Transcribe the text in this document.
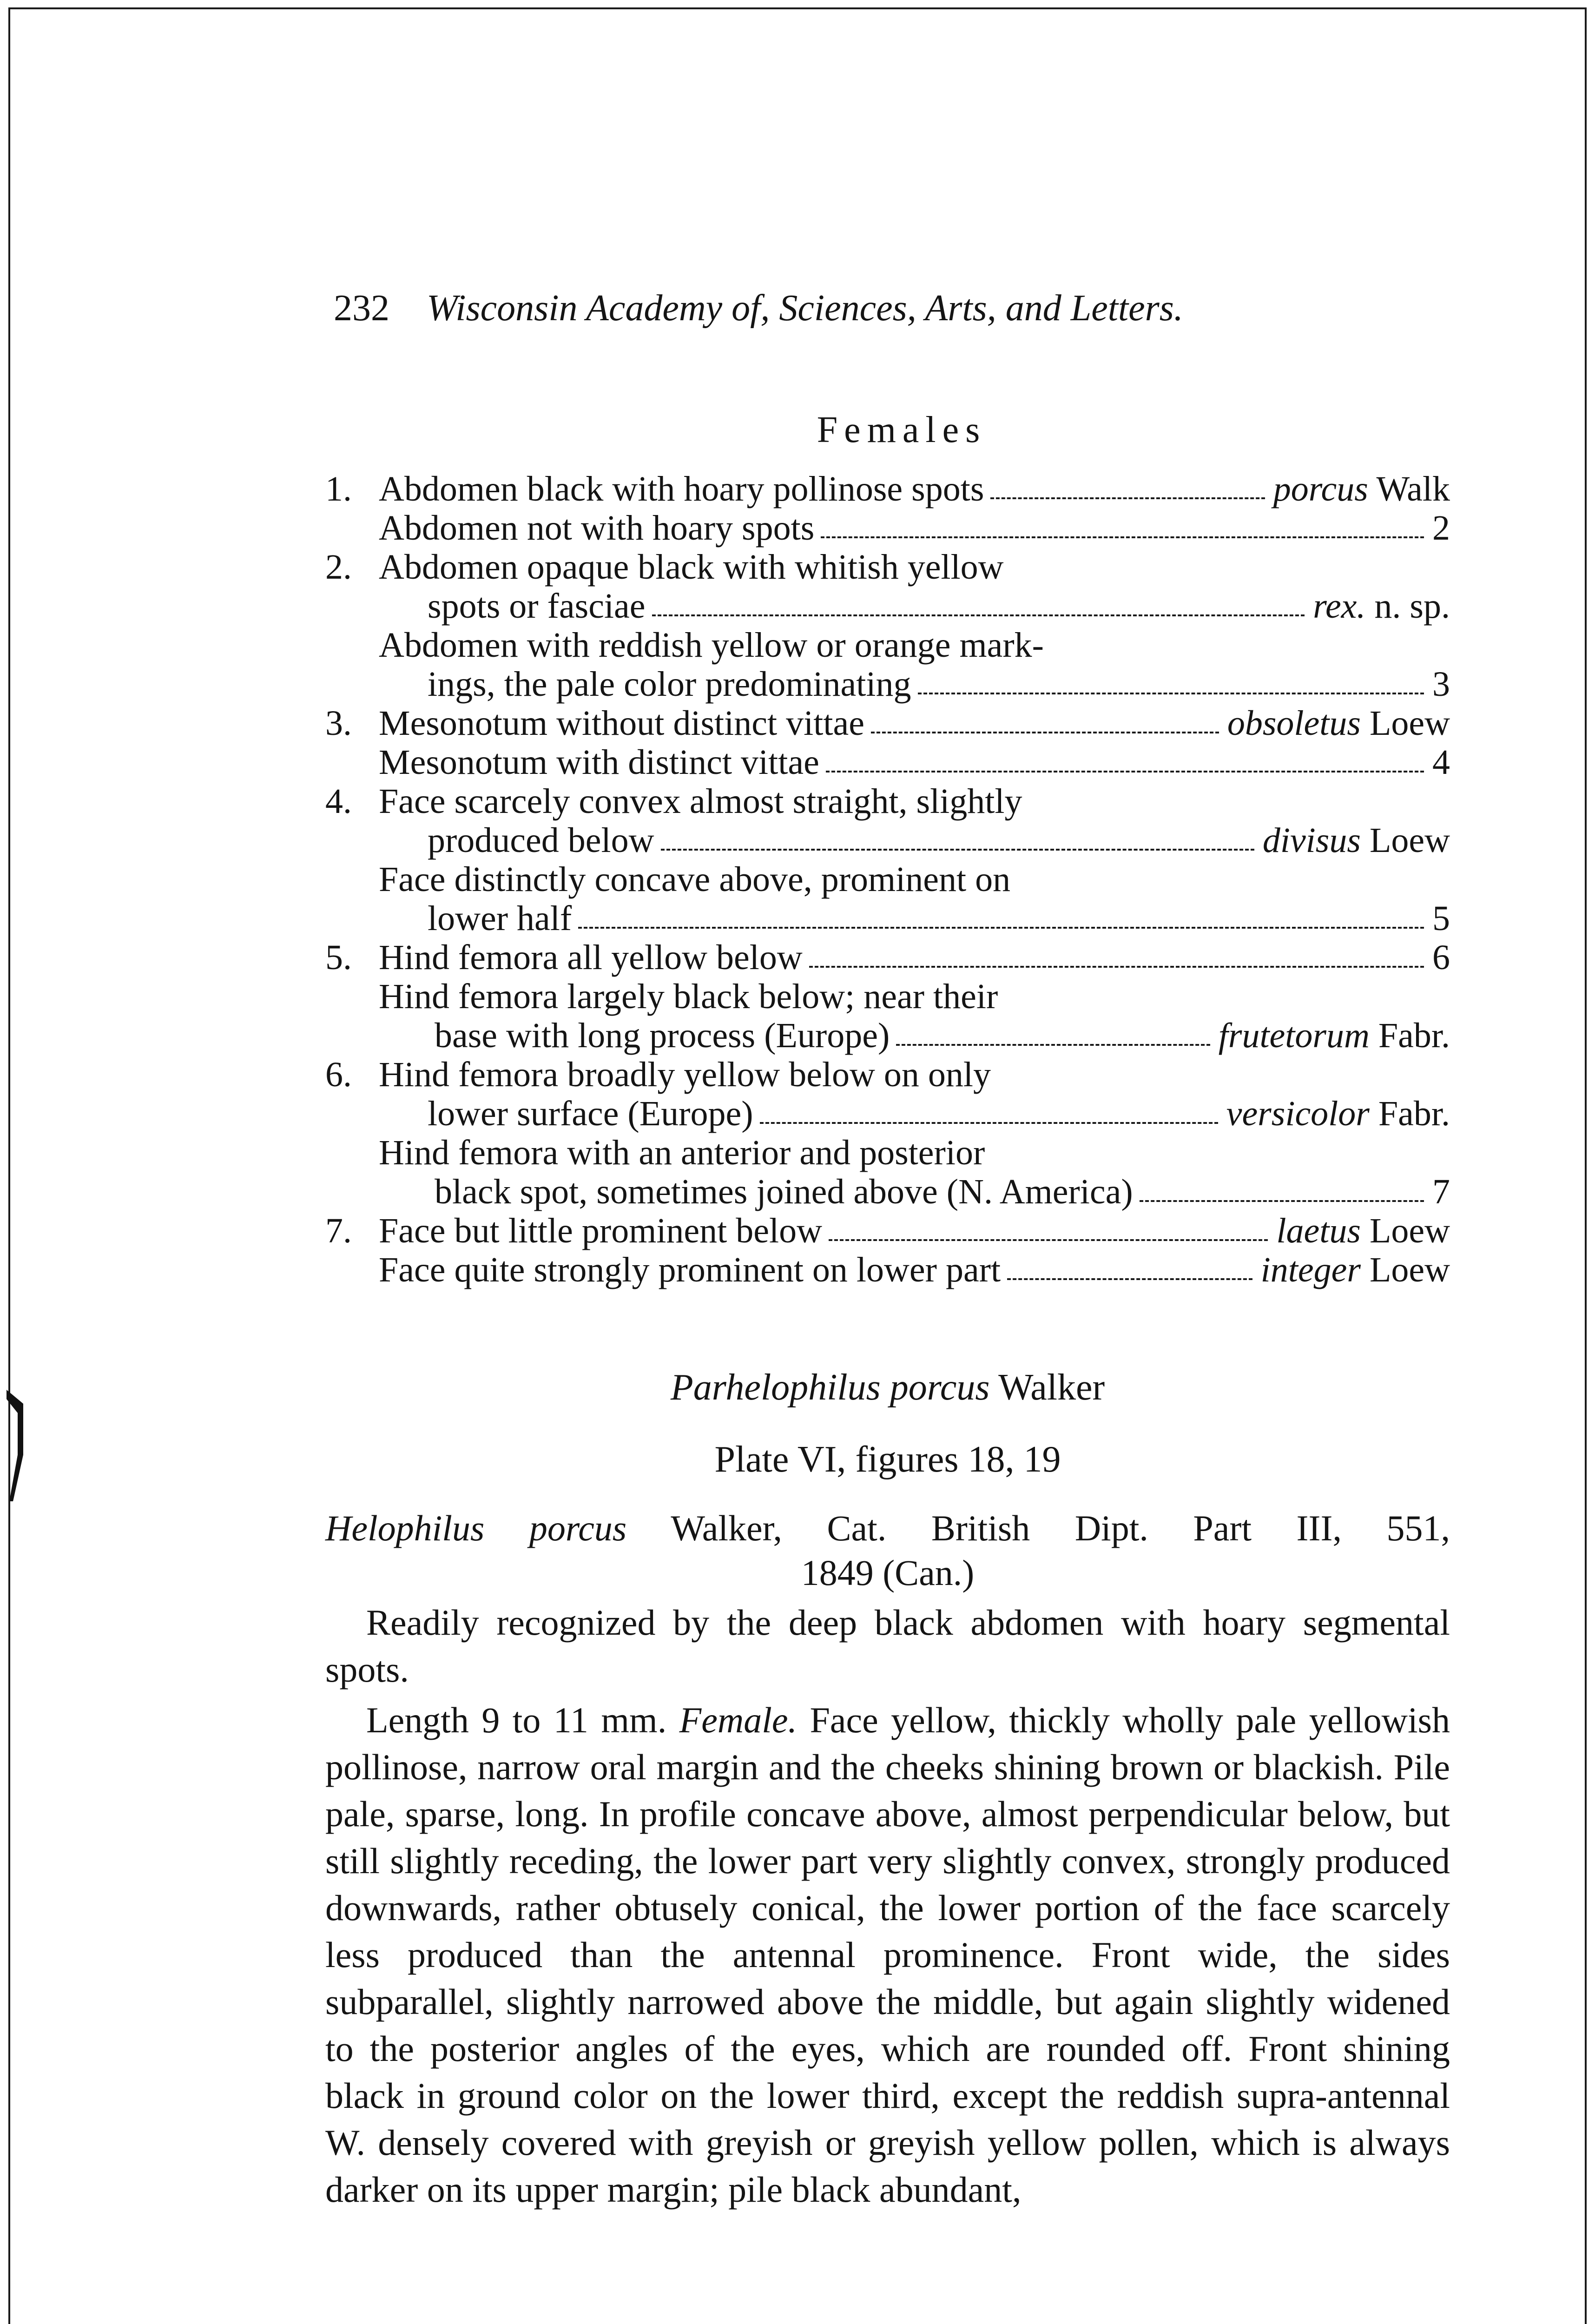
232 Wisconsin Academy of, Sciences, Arts, and Letters.
Females
1. Abdomen black with hoary pollinose spots	porcus Walk
Abdomen not with hoary spots	2
2. Abdomen opaque black with whitish yellow
spots or fasciae	rex. n. sp.
Abdomen with reddish yellow or orange mark-
ings, the pale color predominating	3
3. Mesonotum without distinct vittae	obsoletus Loew
Mesonotum with distinct vittae	4
4. Face scarcely convex almost straight, slightly
produced below	divisus Loew
Face distinctly concave above, prominent on
lower half	5
5. Hind femora all yellow below	6
Hind femora largely black below; near their
base with long process (Europe)	frutetorum Fabr.
6. Hind femora broadly yellow below on only
lower surface (Europe)	versicolor Fabr.
Hind femora with an anterior and posterior
black spot, sometimes joined above (N. America)	7
7. Face but little prominent below	laetus Loew
Face quite strongly prominent on lower part	integer Loew
Parhelophilus porcus Walker
Plate VI, figures 18, 19
Helophilus porcus Walker, Cat. British Dipt. Part III, 551,
1849 (Can.)

Readily recognized by the deep black abdomen with hoary segmental spots.

Length 9 to 11 mm. Female. Face yellow, thickly wholly pale yellowish pollinose, narrow oral margin and the cheeks shining brown or blackish. Pile pale, sparse, long. In profile concave above, almost perpendicular below, but still slightly receding, the lower part very slightly convex, strongly produced downwards, rather obtusely conical, the lower portion of the face scarcely less produced than the antennal prominence. Front wide, the sides subparallel, slightly narrowed above the middle, but again slightly widened to the posterior angles of the eyes, which are rounded off. Front shining black in ground color on the lower third, except the reddish supra-antennal W. densely covered with greyish or greyish yellow pollen, which is always darker on its upper margin; pile black abundant,
